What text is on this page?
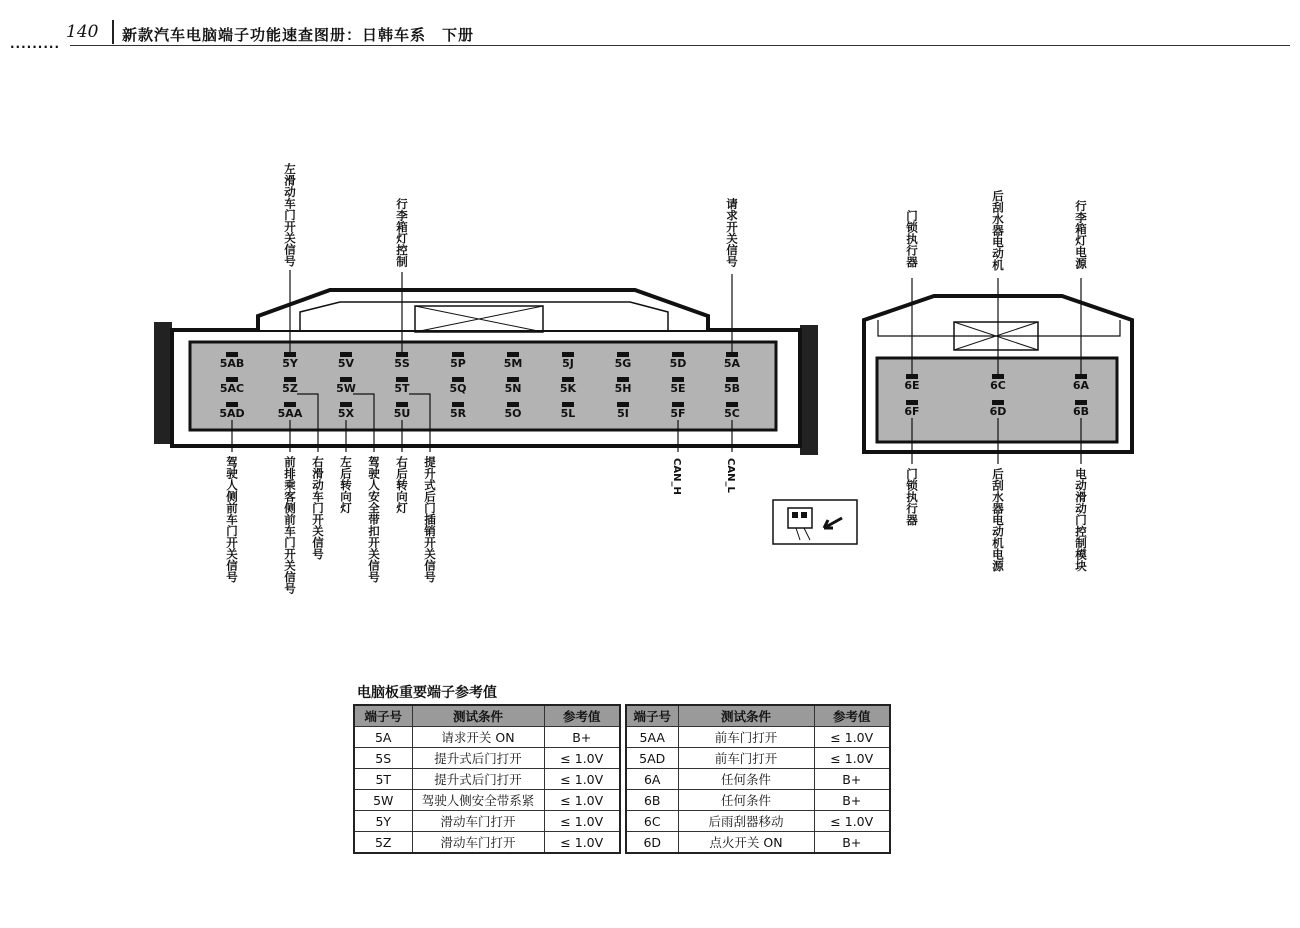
·········
140 新款汽车电脑端子功能速查图册：日韩车系　下册
5AB	5Y	5V	5S	5P	5M	5J	5G	5D	5A
5AC	5Z	5W	5T	5Q	5N	5K	5H	5E	5B
5AD	5AA	5X	5U	5R	5O	5L	5I	5F	5C
6E	6C	6A
6F	6D	6B
左滑动车门开关信号	行李箱灯控制	请求开关信号
驾驶人侧前车门开关信号	前排乘客侧前车门开关信号	左后转向灯	右后转向灯
右滑动车门开关信号	驾驶人安全带扣开关信号	提升式后门插销开关信号	CAN_H	CAN_L
门锁执行器	后刮水器电动机	行李箱灯电源
门锁执行器	后刮水器电动机电源	电动滑动门控制模块
电脑板重要端子参考值
端子号	测试条件	参考值
5A	请求开关 ON	B+
5S	提升式后门打开	≤ 1.0V
5T	提升式后门打开	≤ 1.0V
5W	驾驶人侧安全带系紧	≤ 1.0V
5Y	滑动车门打开	≤ 1.0V
5Z	滑动车门打开	≤ 1.0V
端子号	测试条件	参考值
5AA	前车门打开	≤ 1.0V
5AD	前车门打开	≤ 1.0V
6A	任何条件	B+
6B	任何条件	B+
6C	后雨刮器移动	≤ 1.0V
6D	点火开关 ON	B+
